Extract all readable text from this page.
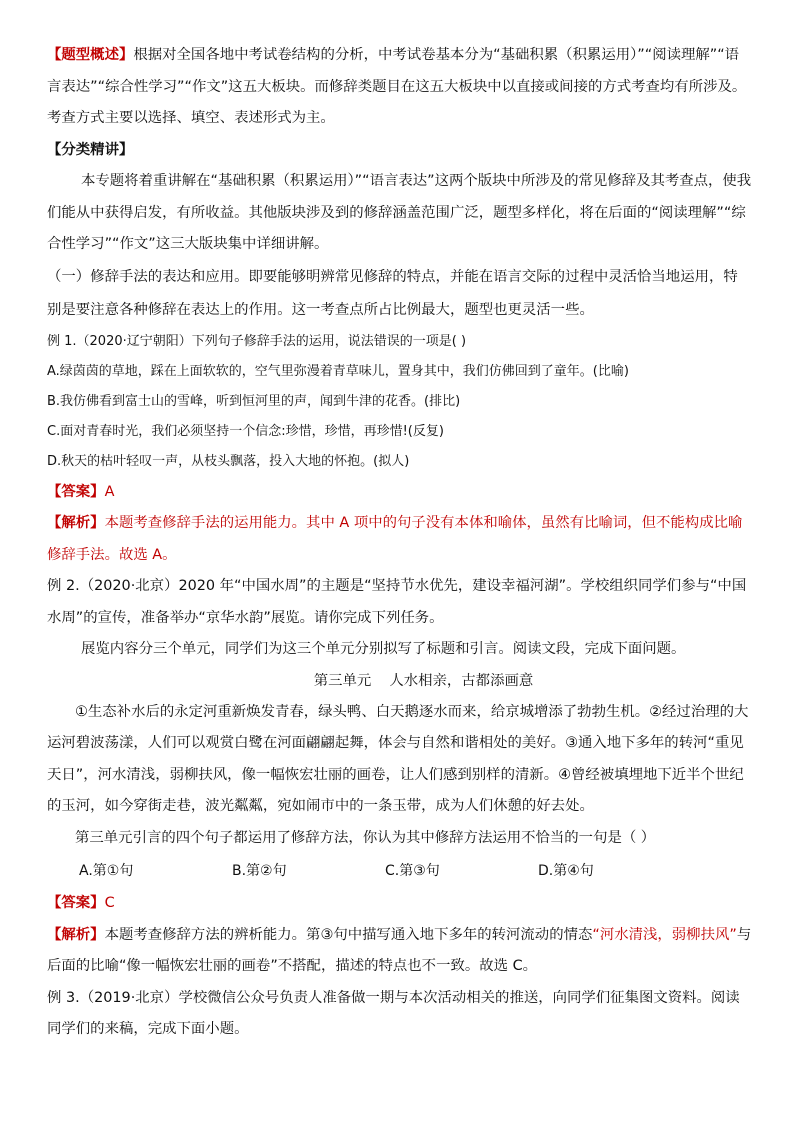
【题型概述】根据对全国各地中考试卷结构的分析，中考试卷基本分为“基础积累（积累运用）”“阅读理解”“语言表达”“综合性学习”“作文”这五大板块。而修辞类题目在这五大板块中以直接或间接的方式考查均有所涉及。考查方式主要以选择、填空、表述形式为主。

【分类精讲】

本专题将着重讲解在“基础积累（积累运用）”“语言表达”这两个版块中所涉及的常见修辞及其考查点，使我们能从中获得启发，有所收益。其他版块涉及到的修辞涵盖范围广泛，题型多样化，将在后面的“阅读理解”“综合性学习”“作文”这三大版块集中详细讲解。

（一）修辞手法的表达和应用。即要能够明辨常见修辞的特点，并能在语言交际的过程中灵活恰当地运用，特别是要注意各种修辞在表达上的作用。这一考查点所占比例最大，题型也更灵活一些。

例 1.（2020·辽宁朝阳）下列句子修辞手法的运用，说法错误的一项是( )

A.绿茵茵的草地，踩在上面软软的，空气里弥漫着青草味儿，置身其中，我们仿佛回到了童年。(比喻)

B.我仿佛看到富士山的雪峰，听到恒河里的声，闻到牛津的花香。(排比)

C.面对青春时光，我们必须坚持一个信念:珍惜，珍惜，再珍惜!(反复)

D.秋天的枯叶轻叹一声，从枝头飘落，投入大地的怀抱。(拟人)

【答案】A

【解析】本题考查修辞手法的运用能力。其中 A 项中的句子没有本体和喻体，虽然有比喻词，但不能构成比喻修辞手法。故选 A。

例 2.（2020·北京）2020 年“中国水周”的主题是“坚持节水优先，建设幸福河湖”。学校组织同学们参与“中国水周”的宣传，准备举办“京华水韵”展览。请你完成下列任务。

展览内容分三个单元，同学们为这三个单元分别拟写了标题和引言。阅读文段，完成下面问题。

第三单元 人水相亲，古都添画意

①生态补水后的永定河重新焕发青春，绿头鸭、白天鹅逐水而来，给京城增添了勃勃生机。②经过治理的大运河碧波荡漾，人们可以观赏白鹭在河面翩翩起舞，体会与自然和谐相处的美好。③通入地下多年的转河“重见天日”，河水清浅，弱柳扶风，像一幅恢宏壮丽的画卷，让人们感到别样的清新。④曾经被填埋地下近半个世纪的玉河，如今穿街走巷，波光粼粼，宛如闹市中的一条玉带，成为人们休憩的好去处。

第三单元引言的四个句子都运用了修辞方法，你认为其中修辞方法运用不恰当的一句是（ ）

A.第①句	B.第②句	C.第③句	D.第④句

【答案】C

【解析】本题考查修辞方法的辨析能力。第③句中描写通入地下多年的转河流动的情态“河水清浅，弱柳扶风”与后面的比喻“像一幅恢宏壮丽的画卷”不搭配，描述的特点也不一致。故选 C。

例 3.（2019·北京）学校微信公众号负责人准备做一期与本次活动相关的推送，向同学们征集图文资料。阅读同学们的来稿，完成下面小题。
